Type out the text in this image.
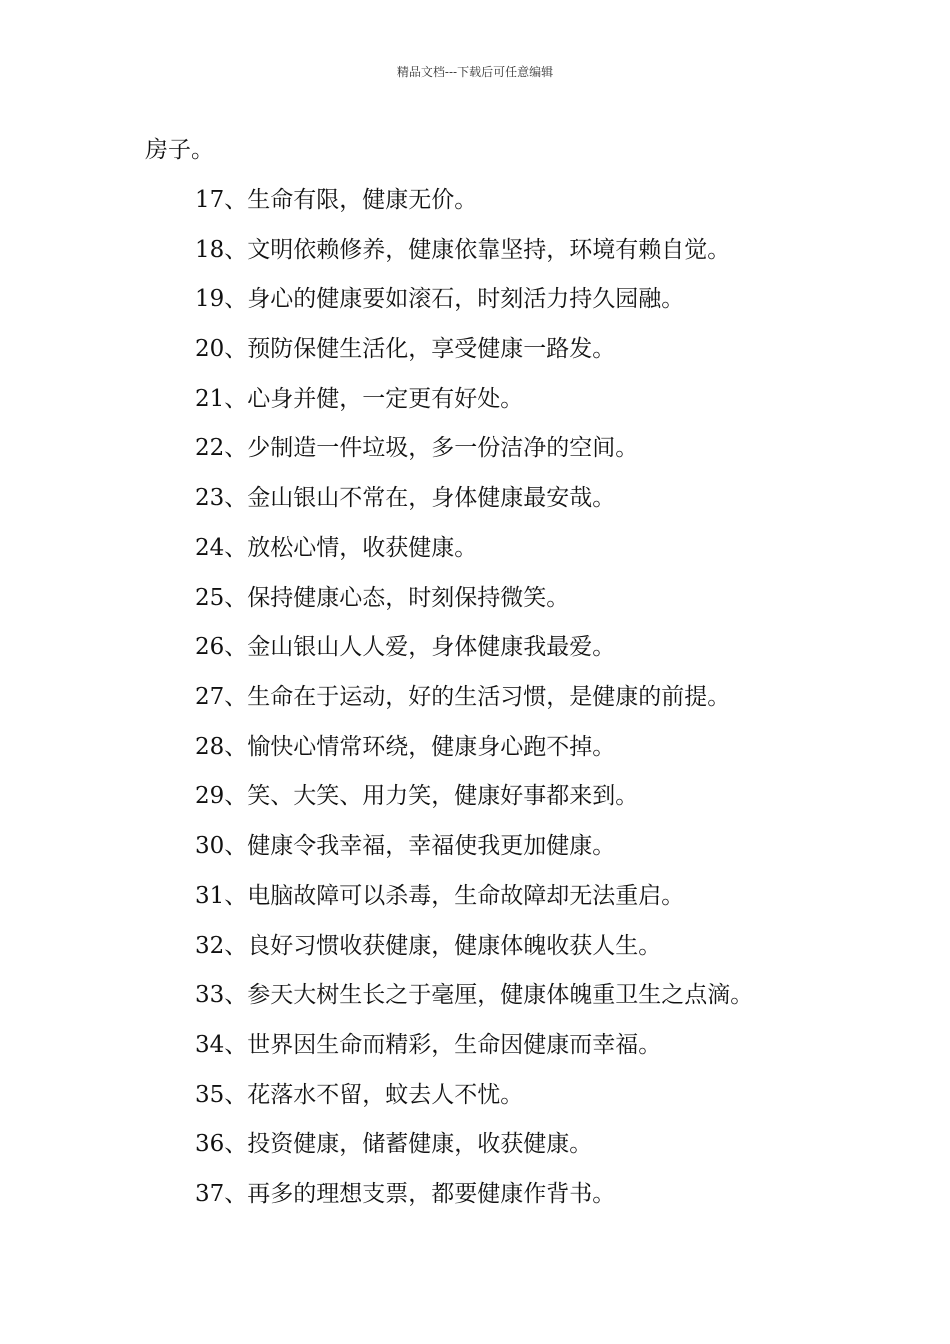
精品文档---下载后可任意编辑
房子。
17、生命有限，健康无价。
18、文明依赖修养，健康依靠坚持，环境有赖自觉。
19、身心的健康要如滚石，时刻活力持久园融。
20、预防保健生活化，享受健康一路发。
21、心身并健，一定更有好处。
22、少制造一件垃圾，多一份洁净的空间。
23、金山银山不常在，身体健康最安哉。
24、放松心情，收获健康。
25、保持健康心态，时刻保持微笑。
26、金山银山人人爱，身体健康我最爱。
27、生命在于运动，好的生活习惯，是健康的前提。
28、愉快心情常环绕，健康身心跑不掉。
29、笑、大笑、用力笑，健康好事都来到。
30、健康令我幸福，幸福使我更加健康。
31、电脑故障可以杀毒，生命故障却无法重启。
32、良好习惯收获健康，健康体魄收获人生。
33、参天大树生长之于毫厘，健康体魄重卫生之点滴。
34、世界因生命而精彩，生命因健康而幸福。
35、花落水不留，蚊去人不忧。
36、投资健康，储蓄健康，收获健康。
37、再多的理想支票，都要健康作背书。
